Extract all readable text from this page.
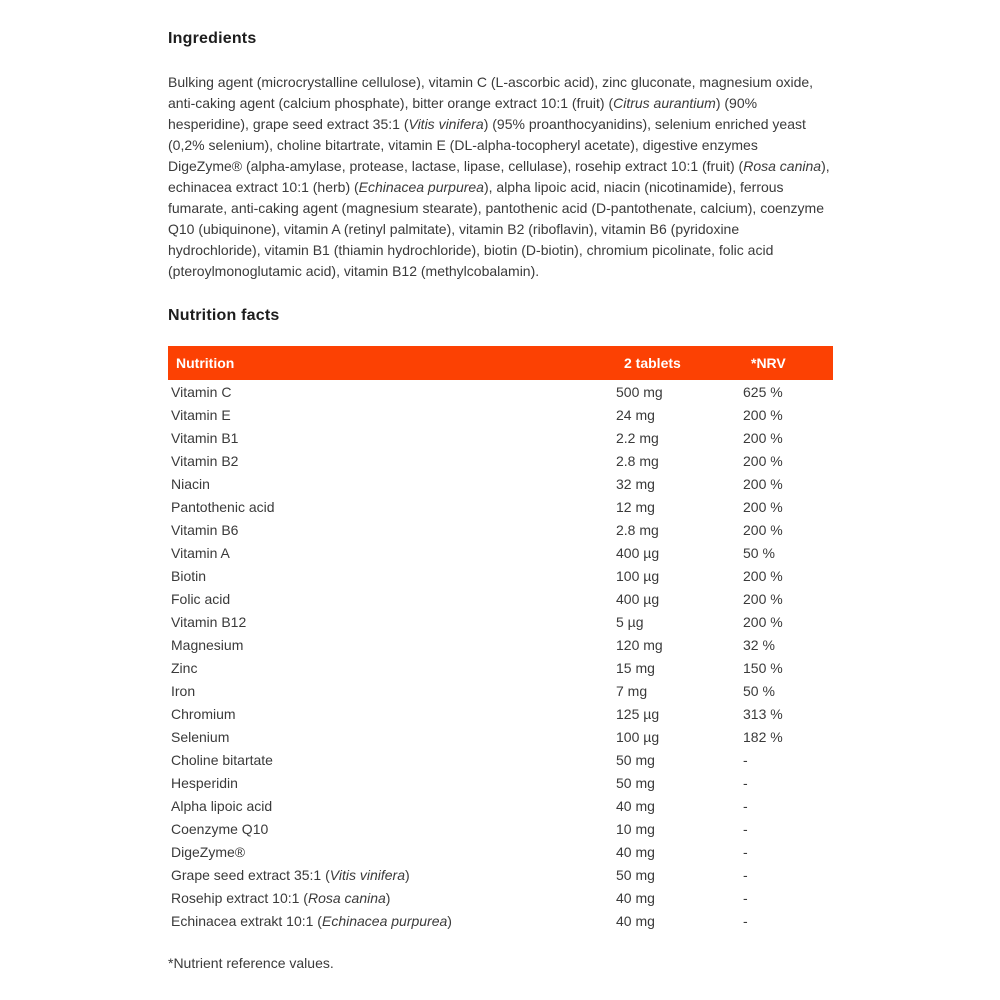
Ingredients

Bulking agent (microcrystalline cellulose), vitamin C (L-ascorbic acid), zinc gluconate, magnesium oxide, anti-caking agent (calcium phosphate), bitter orange extract 10:1 (fruit) (Citrus aurantium) (90% hesperidine), grape seed extract 35:1 (Vitis vinifera) (95% proanthocyanidins), selenium enriched yeast (0,2% selenium), choline bitartrate, vitamin E (DL-alpha-tocopheryl acetate), digestive enzymes DigeZyme® (alpha-amylase, protease, lactase, lipase, cellulase), rosehip extract 10:1 (fruit) (Rosa canina), echinacea extract 10:1 (herb) (Echinacea purpurea), alpha lipoic acid, niacin (nicotinamide), ferrous fumarate, anti-caking agent (magnesium stearate), pantothenic acid (D-pantothenate, calcium), coenzyme Q10 (ubiquinone), vitamin A (retinyl palmitate), vitamin B2 (riboflavin), vitamin B6 (pyridoxine hydrochloride), vitamin B1 (thiamin hydrochloride), biotin (D-biotin), chromium picolinate, folic acid (pteroylmonoglutamic acid), vitamin B12 (methylcobalamin).

Nutrition facts
Nutrition	2 tablets	*NRV
Vitamin C	500 mg	625 %
Vitamin E	24 mg	200 %
Vitamin B1	2.2 mg	200 %
Vitamin B2	2.8 mg	200 %
Niacin	32 mg	200 %
Pantothenic acid	12 mg	200 %
Vitamin B6	2.8 mg	200 %
Vitamin A	400 µg	50 %
Biotin	100 µg	200 %
Folic acid	400 µg	200 %
Vitamin B12	5 µg	200 %
Magnesium	120 mg	32 %
Zinc	15 mg	150 %
Iron	7 mg	50 %
Chromium	125 µg	313 %
Selenium	100 µg	182 %
Choline bitartate	50 mg	-
Hesperidin	50 mg	-
Alpha lipoic acid	40 mg	-
Coenzyme Q10	10 mg	-
DigeZyme®	40 mg	-
Grape seed extract 35:1 (Vitis vinifera)	50 mg	-
Rosehip extract 10:1 (Rosa canina)	40 mg	-
Echinacea extrakt 10:1 (Echinacea purpurea)	40 mg	-

*Nutrient reference values.
